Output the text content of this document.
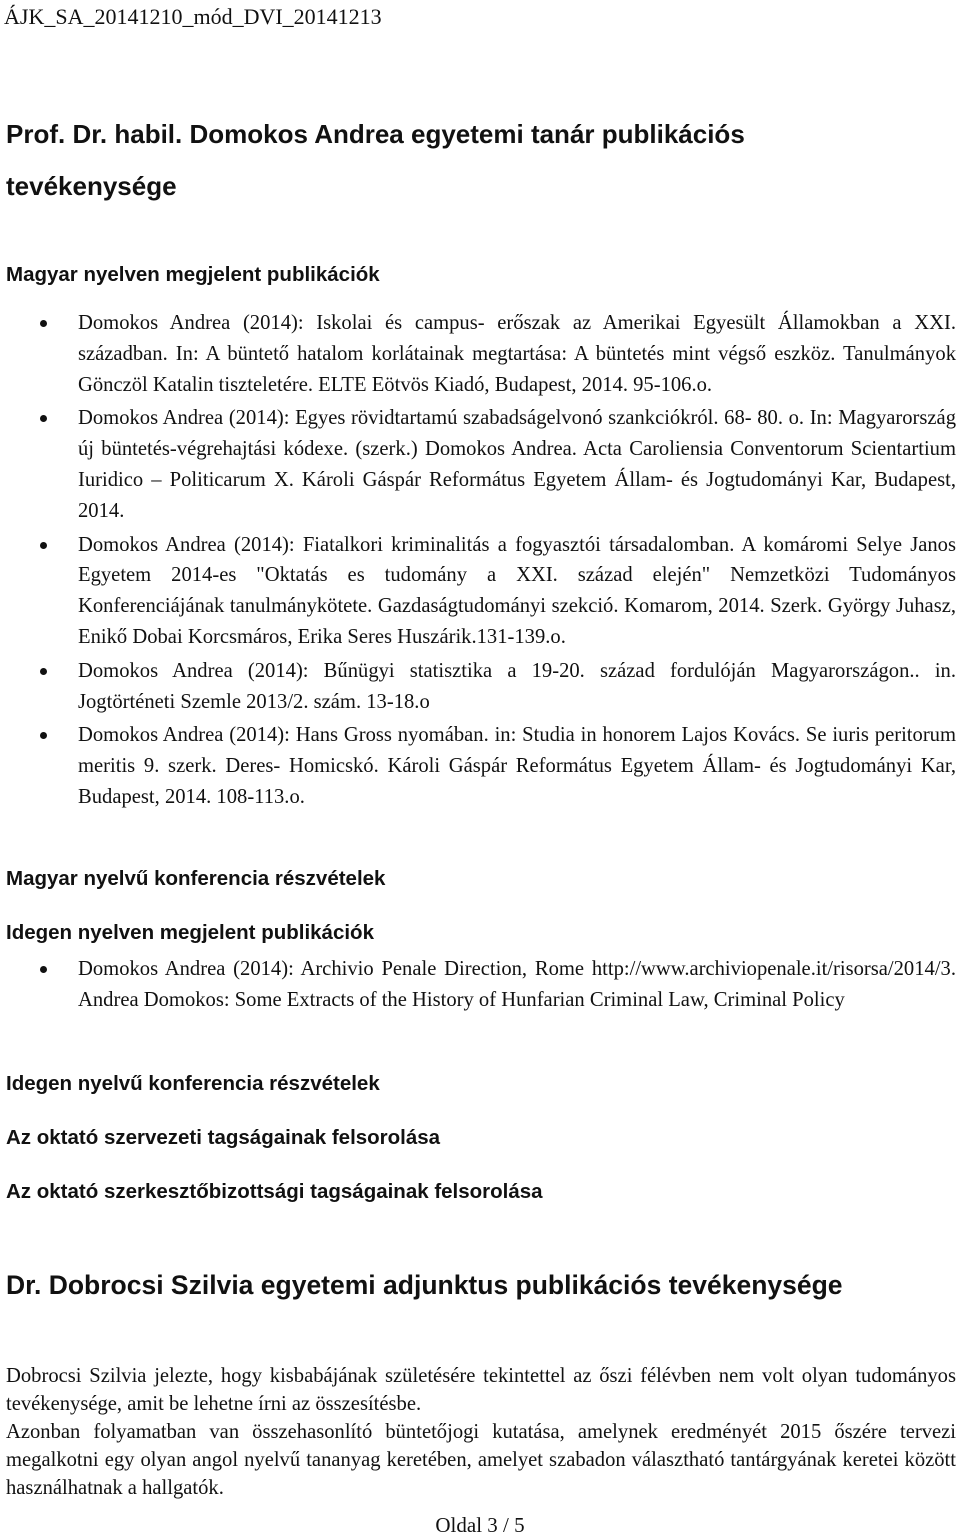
ÁJK_SA_20141210_mód_DVI_20141213
Prof. Dr. habil. Domokos Andrea egyetemi tanár publikációs tevékenysége
Magyar nyelven megjelent publikációk
Domokos Andrea (2014): Iskolai és campus- erőszak az Amerikai Egyesült Államokban a XXI. században. In: A büntető hatalom korlátainak megtartása: A büntetés mint végső eszköz. Tanulmányok Gönczöl Katalin tiszteletére. ELTE Eötvös Kiadó, Budapest, 2014. 95-106.o.
Domokos Andrea (2014): Egyes rövidtartamú szabadságelvonó szankciókról. 68- 80. o. In: Magyarország új büntetés-végrehajtási kódexe. (szerk.) Domokos Andrea. Acta Caroliensia Conventorum Scientartium Iuridico – Politicarum X. Károli Gáspár Református Egyetem Állam- és Jogtudományi Kar, Budapest, 2014.
Domokos Andrea (2014): Fiatalkori kriminalitás a fogyasztói társadalomban. A komáromi Selye Janos Egyetem 2014-es "Oktatás es tudomány a XXI. század elején" Nemzetközi Tudományos Konferenciájának tanulmánykötete. Gazdaságtudományi szekció. Komarom, 2014. Szerk. György Juhasz, Enikő Dobai Korcsmáros, Erika Seres Huszárik.131-139.o.
Domokos Andrea (2014): Bűnügyi statisztika a 19-20. század fordulóján Magyarországon.. in. Jogtörténeti Szemle 2013/2. szám. 13-18.o
Domokos Andrea (2014): Hans Gross nyomában. in: Studia in honorem Lajos Kovács. Se iuris peritorum meritis 9. szerk. Deres- Homicskó. Károli Gáspár Református Egyetem Állam- és Jogtudományi Kar, Budapest, 2014. 108-113.o.
Magyar nyelvű konferencia részvételek
Idegen nyelven megjelent publikációk
Domokos Andrea (2014): Archivio Penale Direction, Rome http://www.archiviopenale.it/risorsa/2014/3. Andrea Domokos: Some Extracts of the History of Hunfarian Criminal Law, Criminal Policy
Idegen nyelvű konferencia részvételek
Az oktató szervezeti tagságainak felsorolása
Az oktató szerkesztőbizottsági tagságainak felsorolása
Dr. Dobrocsi Szilvia egyetemi adjunktus publikációs tevékenysége

Dobrocsi Szilvia jelezte, hogy kisbabájának születésére tekintettel az őszi félévben nem volt olyan tudományos tevékenysége, amit be lehetne írni az összesítésbe.

Azonban folyamatban van összehasonlító büntetőjogi kutatása, amelynek eredményét 2015 őszére tervezi megalkotni egy olyan angol nyelvű tananyag keretében, amelyet szabadon választható tantárgyának keretei között használhatnak a hallgatók.

Oldal 3 / 5
